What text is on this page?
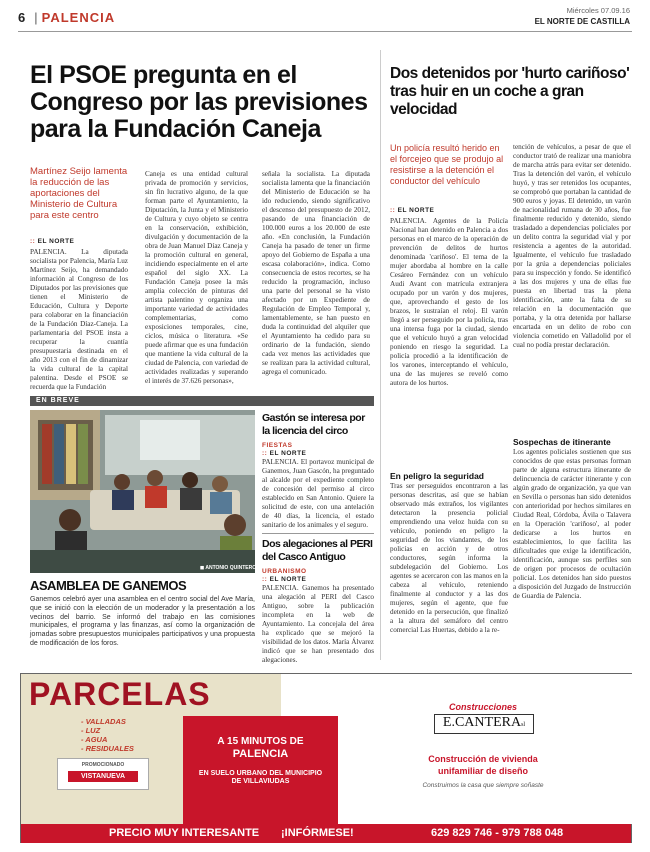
6
|	PALENCIA	Miércoles 07.09.16
EL NORTE DE CASTILLA
El PSOE pregunta en el Congreso por las previsiones para la Fundación Caneja
Martínez Seijo lamenta la reducción de las aportaciones del Ministerio de Cultura para este centro
:: EL NORTE
PALENCIA. La diputada socialista por Palencia, María Luz Martínez Seijo, ha demandado información al Congreso de los Diputados por las previsiones que tienen el Ministerio de Educación, Cultura y Deporte para colaborar en la financiación de la Fundación Díaz-Caneja. La parlamentaria del PSOE insta a recuperar la cuantía presupuestaria destinada en el año 2013 con el fin de dinamizar la vida cultural de la capital palentina. Desde el PSOE se recuerda que la Fundación
Caneja es una entidad cultural privada de promoción y servicios, sin fin lucrativo alguno, de la que forman parte el Ayuntamiento, la Diputación, la Junta y el Ministerio de Cultura y cuyo objeto se centra en la conservación, exhibición, divulgación y documentación de la obra de Juan Manuel Díaz Caneja y la promoción cultural en general, incidiendo especialmente en el arte español del siglo XX. La Fundación Caneja posee la más amplia colección de pinturas del artista palentino y organiza una importante variedad de actividades complementarias, como exposiciones temporales, cine, ciclos, música o literatura. «Se puede afirmar que es una fundación que mantiene la vida cultural de la ciudad de Palencia, con variedad de actividades realizadas y superando el interés de 37.626 personas»,
señala la socialista. La diputada socialista lamenta que la financiación del Ministerio de Educación se ha ido reduciendo, siendo significativo el descenso del presupuesto de 2012, pasando de una financiación de 100.000 euros a los 20.000 de este año. «En conclusión, la Fundación Caneja ha pasado de tener un firme apoyo del Gobierno de España a una escasa colaboración», indica. Como consecuencia de estos recortes, se ha reducido la programación, incluso una parte del personal se ha visto afectado por un Expediente de Regulación de Empleo Temporal y, lamentablemente, se han puesto en duda la continuidad del alquiler que el Ayuntamiento ha cedido para su ordinario de la fundación, siendo cada vez menos las actividades que se realizan para la actividad cultural, agrega el comunicado.
Dos detenidos por 'hurto cariñoso' tras huir en un coche a gran velocidad
Un policía resultó herido en el forcejeo que se produjo al resistirse a la detención el conductor del vehículo
:: EL NORTE
PALENCIA. Agentes de la Policía Nacional han detenido en Palencia a dos personas en el marco de la operación de prevención de delitos de hurtos denominada 'cariñoso'. El tema de la mujer abordaba al hombre en la calle Cesáreo Fernández con un vehículo Audi Avant con matrícula extranjera ocupado por un varón y dos mujeres, que, aprovechando el gesto de los brazos, le sustraían el reloj. El varón llegó a ser perseguido por la policía, tras una intensa fuga por la ciudad, siendo que el vehículo huyó a gran velocidad poniendo en riesgo la seguridad. La policía procedió a la identificación de los varones, interceptando el vehículo, una de las mujeres se reveló como autora de los hurtos.
En peligro la seguridad
Tras ser perseguidos encontraron a las personas descritas, así que se habían observado más extraños, los vigilantes detectaron la presencia policial emprendiendo una veloz huida con su vehículo, poniendo en peligro la seguridad de los viandantes, de los policías en acción y de otros conductores, según informa la subdelegación del Gobierno. Los agentes se acercaron con las manos en la cabeza al vehículo, reteniendo finalmente al conductor y a las dos mujeres, según el agente, que fue detenido en la persecución, que finalizó a la altura del semáforo del centro comercial Las Huertas, debido a la re-
tención de vehículos, a pesar de que el conductor trató de realizar una maniobra de marcha atrás para evitar ser detenido. Tras la detención del varón, el vehículo huyó, y tras ser retenidos los ocupantes, se comprobó que portaban la cantidad de 900 euros y joyas. El detenido, un varón de nacionalidad rumana de 30 años, fue finalmente reducido y detenido, siendo trasladado a dependencias policiales por un delito contra la seguridad vial y por resistencia a agentes de la autoridad. Igualmente, el vehículo fue trasladado por la grúa a dependencias policiales para su inspección y fondo. Se identificó a las dos mujeres y una de ellas fue puesta en libertad tras la plena identificación, ante la falta de su relación en la documentación que portaba, y la otra detenida por hallarse encartada en un delito de robo con violencia cometido en Valladolid por el cual no podía prestar declaración.
Sospechas de itinerante
Los agentes policiales sostienen que sus conocidos de que estas personas forman parte de alguna estructura itinerante de delincuencia de carácter itinerante y con algún grado de organización, ya que van en Sevilla o personas han sido detenidos con anterioridad por hechos similares en Ciudad Real, Córdoba, Ávila o Talavera en la Operación 'cariñoso', al poder dedicarse a los hurtos en establecimientos, lo que facilita las dificultades que exige la identificación, identificación, aunque sus perfiles son de origen por procesos de ocultación policial. Los detenidos han sido puestos a disposición del Juzgado de Instrucción de Guardia de Palencia.
EN BREVE
◼ ANTONIO QUINTERO
ASAMBLEA DE GANEMOS
Ganemos celebró ayer una asamblea en el centro social del Ave María, que se inició con la elección de un moderador y la presentación a los vecinos del barrio. Se informó del trabajo en las comisiones municipales, el programa y las finanzas, así como la organización de jornadas sobre presupuestos municipales participativos y una propuesta de modificación de los foros.
Gastón se interesa por la licencia del circo
FIESTAS
:: EL NORTE
PALENCIA. El portavoz municipal de Ganemos, Juan Gascón, ha preguntado al alcalde por el expediente completo de concesión del permiso al circo establecido en San Antonio. Quiere la solicitud de este, con una antelación de 40 días, la licencia, el estado sanitario de los animales y el seguro.
Dos alegaciones al PERI del Casco Antiguo
URBANISMO
:: EL NORTE
PALENCIA. Ganemos ha presentado una alegación al PERI del Casco Antiguo, sobre la publicación incompleta en la web de Ayuntamiento. La concejala del área ha explicado que se mejoró la visibilidad de los datos. María Álvarez indicó que se han presentado dos alegaciones.
PARCELAS
- VALLADAS
- LUZ
- AGUA
- RESIDUALES
PROMOCIONADO
VISTANUEVA
A 15 MINUTOS DE
PALENCIA
EN SUELO URBANO DEL MUNICIPIO
DE VILLAVIUDAS
Construcciones
E.CANTERAsl
Construcción de vivienda
unifamiliar de diseño
Construimos la casa que siempre soñaste
PRECIO MUY INTERESANTE ¡INFÓRMESE!	629 829 746 - 979 788 048
